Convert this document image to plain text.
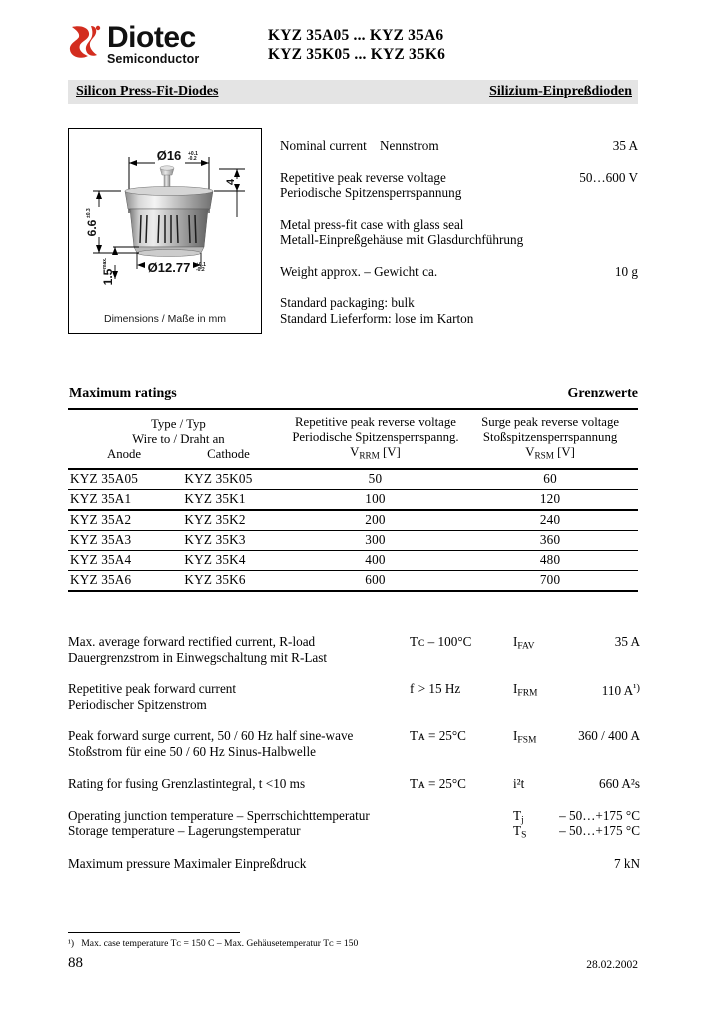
Diotec
Semiconductor
KYZ 35A05 ... KYZ 35A6
KYZ 35K05 ... KYZ 35K6
Silicon Press-Fit-Diodes	Silizium-Einpreßdioden
Ø16 +0.1
-0.2
4
6.6
±0.3
1.5
max.	Ø12.77 +0.1
-0.2
Dimensions / Maße in mm
Nominal current Nennstrom	35 A
Repetitive peak reverse voltage
Periodische Spitzensperrspannung
50…600 V
Metal press-fit case with glass seal
Metall-Einpreßgehäuse mit Glasdurchführung
Weight approx. – Gewicht ca.	10 g
Standard packaging: bulk
Standard Lieferform: lose im Karton
Maximum ratings	Grenzwerte
Type / Typ
Wire to / Draht an
Anode	Cathode

Repetitive peak reverse voltage
Periodische Spitzensperrspanng.
$V_{RRM}$ [V]

Surge peak reverse voltage
Stoßspitzensperrspannung
$V_{RSM}$ [V]

KYZ 35A05	KYZ 35K05	50	60
KYZ 35A1	KYZ 35K1	100	120
KYZ 35A2	KYZ 35K2	200	240
KYZ 35A3	KYZ 35K3	300	360
KYZ 35A4	KYZ 35K4	400	480
KYZ 35A6	KYZ 35K6	600	700

Max. average forward rectified current, R-load
Dauergrenzstrom in Einwegschaltung mit R-Last
Tᴄ – 100°C	$I_{FAV}$	35 A
Repetitive peak forward current
Periodischer Spitzenstrom
f > 15 Hz	$I_{FRM}$	110 A$^{^1)}$
Peak forward surge current, 50 / 60 Hz half sine-wave
Stoßstrom für eine 50 / 60 Hz Sinus-Halbwelle
Tᴀ = 25°C	$I_{FSM}$	360 / 400 A
Rating for fusing Grenzlastintegral, t <10 ms	Tᴀ = 25°C	i²t	660 A²s
Operating junction temperature – Sperrschichttemperatur
Storage temperature – Lagerungstemperatur
$T_j$	– 50…+175 °C
$T_S$ – 50…+175 °C
Maximum pressure Maximaler Einpreßdruck	7 kN
¹) Max. case temperature Tᴄ = 150 C – Max. Gehäusetemperatur Tᴄ = 150
88	28.02.2002
